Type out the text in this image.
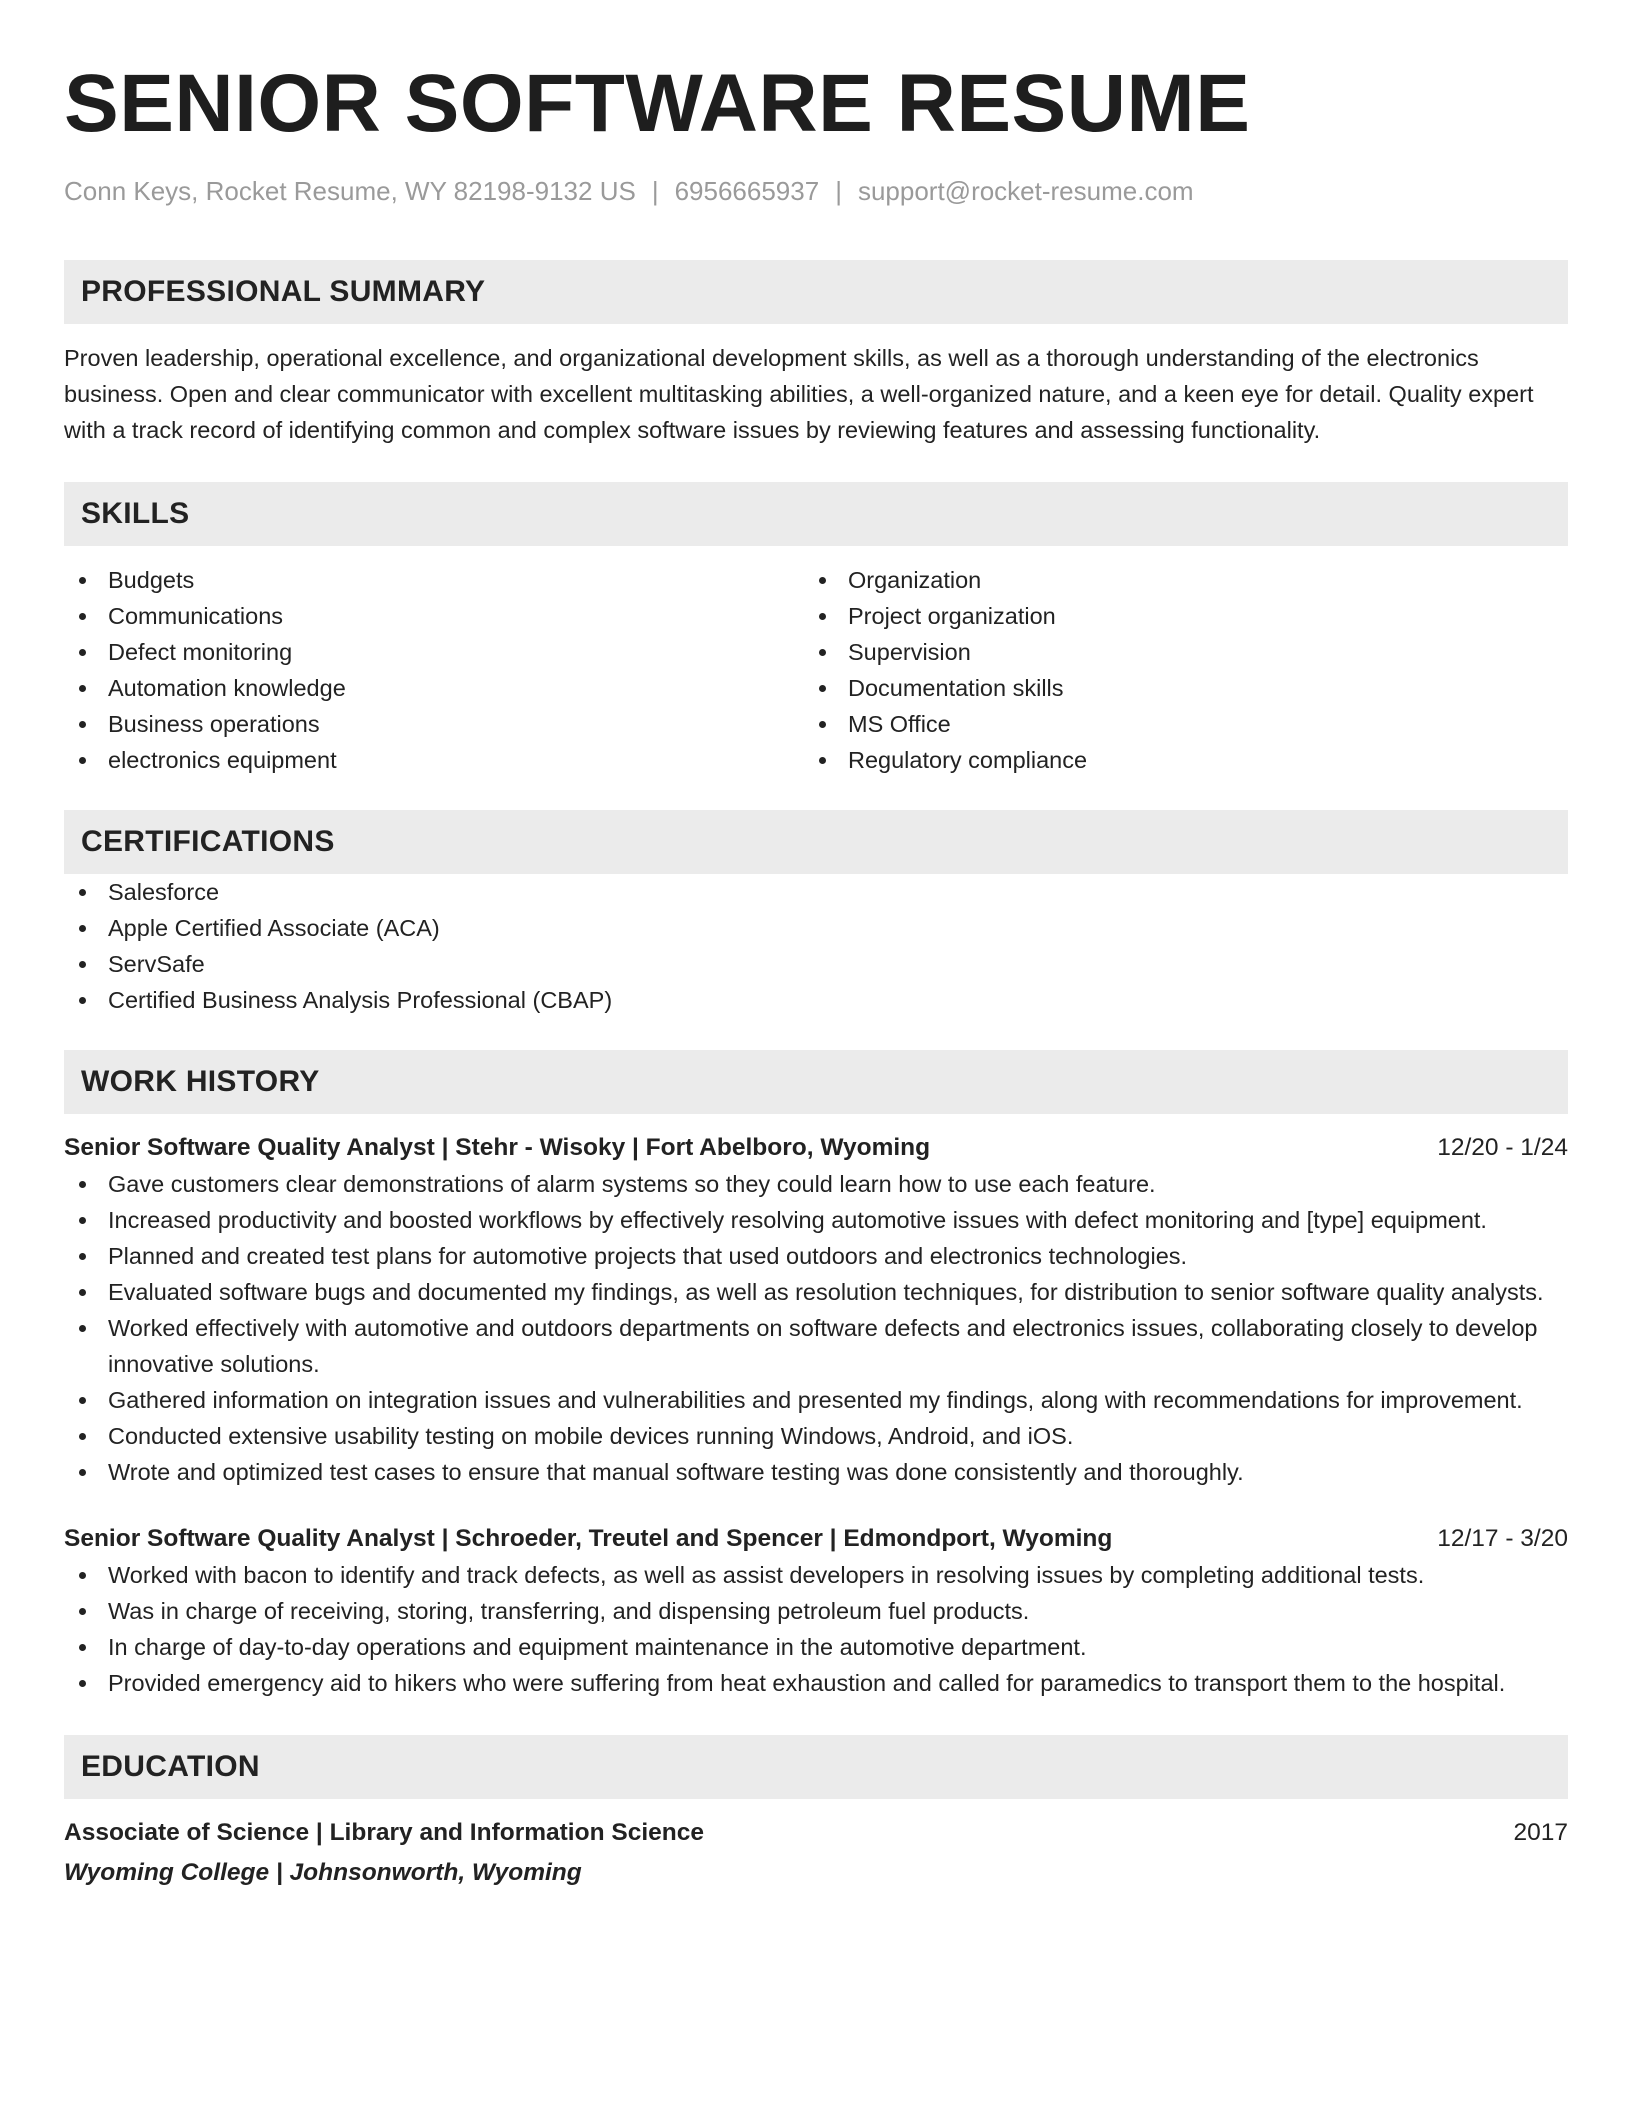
SENIOR SOFTWARE RESUME
Conn Keys, Rocket Resume, WY 82198-9132 US | 6956665937 | support@rocket-resume.com
PROFESSIONAL SUMMARY
Proven leadership, operational excellence, and organizational development skills, as well as a thorough understanding of the electronics business. Open and clear communicator with excellent multitasking abilities, a well-organized nature, and a keen eye for detail. Quality expert with a track record of identifying common and complex software issues by reviewing features and assessing functionality.
SKILLS
Budgets
Communications
Defect monitoring
Automation knowledge
Business operations
electronics equipment
Organization
Project organization
Supervision
Documentation skills
MS Office
Regulatory compliance
CERTIFICATIONS
Salesforce
Apple Certified Associate (ACA)
ServSafe
Certified Business Analysis Professional (CBAP)
WORK HISTORY
Senior Software Quality Analyst | Stehr - Wisoky | Fort Abelboro, Wyoming	12/20 - 1/24
Gave customers clear demonstrations of alarm systems so they could learn how to use each feature.
Increased productivity and boosted workflows by effectively resolving automotive issues with defect monitoring and [type] equipment.
Planned and created test plans for automotive projects that used outdoors and electronics technologies.
Evaluated software bugs and documented my findings, as well as resolution techniques, for distribution to senior software quality analysts.
Worked effectively with automotive and outdoors departments on software defects and electronics issues, collaborating closely to develop innovative solutions.
Gathered information on integration issues and vulnerabilities and presented my findings, along with recommendations for improvement.
Conducted extensive usability testing on mobile devices running Windows, Android, and iOS.
Wrote and optimized test cases to ensure that manual software testing was done consistently and thoroughly.
Senior Software Quality Analyst | Schroeder, Treutel and Spencer | Edmondport, Wyoming	12/17 - 3/20
Worked with bacon to identify and track defects, as well as assist developers in resolving issues by completing additional tests.
Was in charge of receiving, storing, transferring, and dispensing petroleum fuel products.
In charge of day-to-day operations and equipment maintenance in the automotive department.
Provided emergency aid to hikers who were suffering from heat exhaustion and called for paramedics to transport them to the hospital.
EDUCATION
Associate of Science | Library and Information Science	2017
Wyoming College | Johnsonworth, Wyoming
